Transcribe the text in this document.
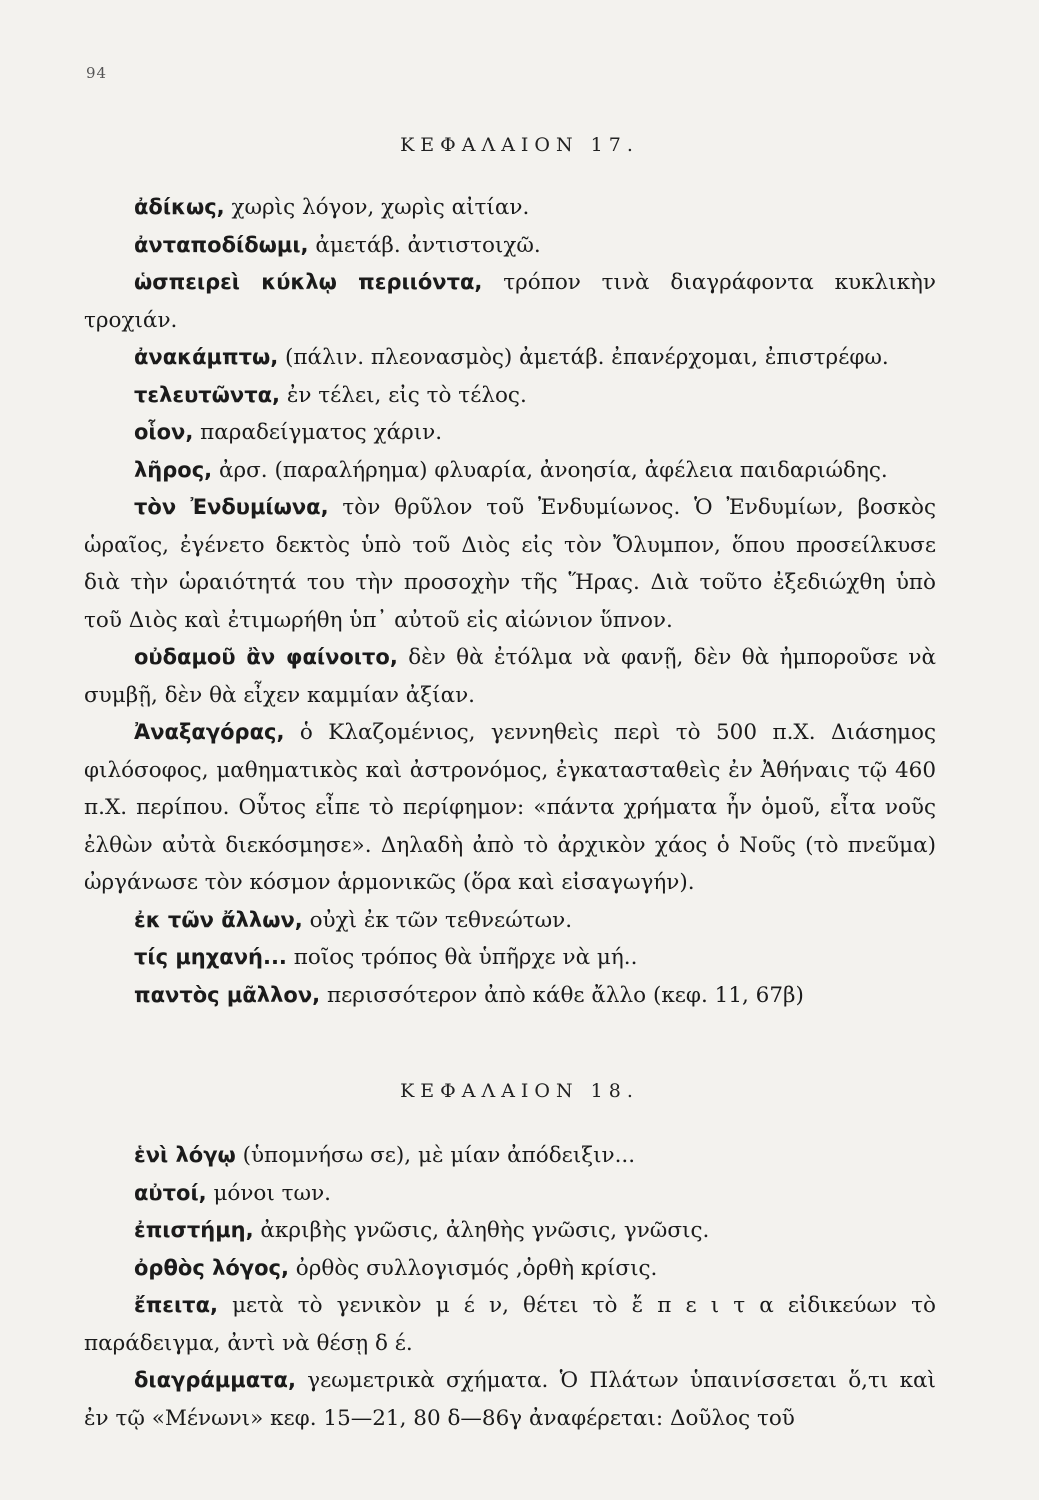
94
ΚΕΦΑΛΑΙΟΝ 17.

ἀδίκως, χωρὶς λόγον, χωρὶς αἰτίαν.

ἀνταποδίδωμι, ἀμετάβ. ἀντιστοιχῶ.

ὡσπειρεὶ κύκλῳ περιιόντα, τρόπον τινὰ διαγράφοντα κυκλικὴν τροχιάν.

ἀνακάμπτω, (πάλιν. πλεονασμὸς) ἀμετάβ. ἐπανέρχομαι, ἐπιστρέφω.

τελευτῶντα, ἐν τέλει, εἰς τὸ τέλος.

οἷον, παραδείγματος χάριν.

λῆρος, ἀρσ. (παραλήρημα) φλυαρία, ἀνοησία, ἀφέλεια παιδαριώδης.

τὸν Ἐνδυμίωνα, τὸν θρῦλον τοῦ Ἐνδυμίωνος. Ὁ Ἐνδυμίων, βοσκὸς ὡραῖος, ἐγένετο δεκτὸς ὑπὸ τοῦ Διὸς εἰς τὸν Ὄλυμπον, ὅπου προσείλκυσε διὰ τὴν ὡραιότητά του τὴν προσοχὴν τῆς Ἥρας. Διὰ τοῦτο ἐξεδιώχθη ὑπὸ τοῦ Διὸς καὶ ἐτιμωρήθη ὑπ᾽ αὐτοῦ εἰς αἰώνιον ὕπνον.

οὐδαμοῦ ἂν φαίνοιτο, δὲν θὰ ἐτόλμα νὰ φανῇ, δὲν θὰ ἠμποροῦσε νὰ συμβῇ, δὲν θὰ εἶχεν καμμίαν ἀξίαν.

Ἀναξαγόρας, ὁ Κλαζομένιος, γεννηθεὶς περὶ τὸ 500 π.Χ. Διάσημος φιλόσοφος, μαθηματικὸς καὶ ἀστρονόμος, ἐγκατασταθεὶς ἐν Ἀθήναις τῷ 460 π.Χ. περίπου. Οὗτος εἶπε τὸ περίφημον: «πάντα χρήματα ἦν ὁμοῦ, εἶτα νοῦς ἐλθὼν αὐτὰ διεκόσμησε». Δηλαδὴ ἀπὸ τὸ ἀρχικὸν χάος ὁ Νοῦς (τὸ πνεῦμα) ὠργάνωσε τὸν κόσμον ἁρμονικῶς (ὅρα καὶ εἰσαγωγήν).

ἐκ τῶν ἄλλων, οὐχὶ ἐκ τῶν τεθνεώτων.

τίς μηχανή... ποῖος τρόπος θὰ ὑπῆρχε νὰ μή..

παντὸς μᾶλλον, περισσότερον ἀπὸ κάθε ἄλλο (κεφ. 11, 67β)

ΚΕΦΑΛΑΙΟΝ 18.

ἑνὶ λόγῳ (ὑπομνήσω σε), μὲ μίαν ἀπόδειξιν...

αὐτοί, μόνοι των.

ἐπιστήμη, ἀκριβὴς γνῶσις, ἀληθὴς γνῶσις, γνῶσις.

ὀρθὸς λόγος, ὀρθὸς συλλογισμός ,ὀρθὴ κρίσις.

ἔπειτα, μετὰ τὸ γενικὸν μ έ ν, θέτει τὸ ἔ π ε ι τ α εἰδικεύων τὸ παράδειγμα, ἀντὶ νὰ θέσῃ δ έ.

διαγράμματα, γεωμετρικὰ σχήματα. Ὁ Πλάτων ὑπαινίσσεται ὅ,τι καὶ ἐν τῷ «Μένωνι» κεφ. 15—21, 80 δ—86γ ἀναφέρεται: Δοῦλος τοῦ
